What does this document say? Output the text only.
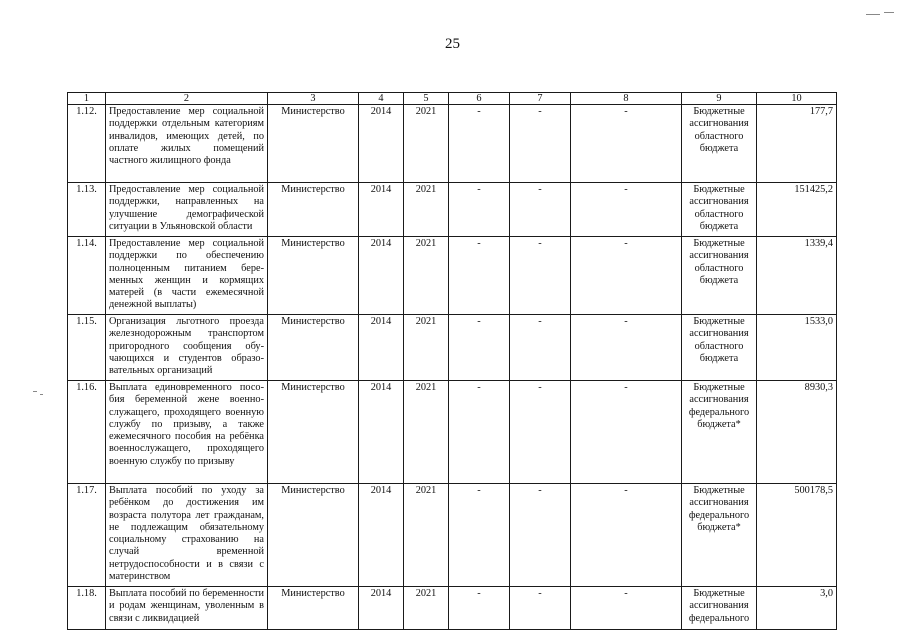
25
1	2	3	4	5	6	7	8	9	10
1.12.	Предоставление мер социальной поддержки отдельным категориям инвалидов, имеющих детей, по оплате жилых помещений частного жилищного фонда	Министерство	2014	2021	-	-	-	Бюджетные ассигнования областного бюджета	177,7
1.13.	Предоставление мер социальной поддержки, направленных на улучшение демографической ситуации в Ульяновской области	Министерство	2014	2021	-	-	-	Бюджетные ассигнования областного бюджета	151425,2
1.14.	Предоставление мер социальной поддержки по обеспечению полноценным питанием беременных женщин и кормящих матерей (в части ежемесячной денежной выплаты)	Министерство	2014	2021	-	-	-	Бюджетные ассигнования областного бюджета	1339,4
1.15.	Организация льготного проезда железнодорожным транспортом пригородного сообщения обучающихся и студентов образовательных организаций	Министерство	2014	2021	-	-	-	Бюджетные ассигнования областного бюджета	1533,0
1.16.	Выплата единовременного пособия беременной жене военнослужащего, проходящего военную службу по призыву, а также ежемесячного пособия на ребёнка военнослужащего, проходящего военную службу по призыву	Министерство	2014	2021	-	-	-	Бюджетные ассигнования федерального бюджета*	8930,3
1.17.	Выплата пособий по уходу за ребёнком до достижения им возраста полутора лет гражданам, не подлежащим обязательному социальному страхованию на случай временной нетрудоспособности и в связи с материнством	Министерство	2014	2021	-	-	-	Бюджетные ассигнования федерального бюджета*	500178,5
1.18.	Выплата пособий по беременности и родам женщинам, уволенным в связи с ликвидацией	Министерство	2014	2021	-	-	-	Бюджетные ассигнования федерального	3,0
